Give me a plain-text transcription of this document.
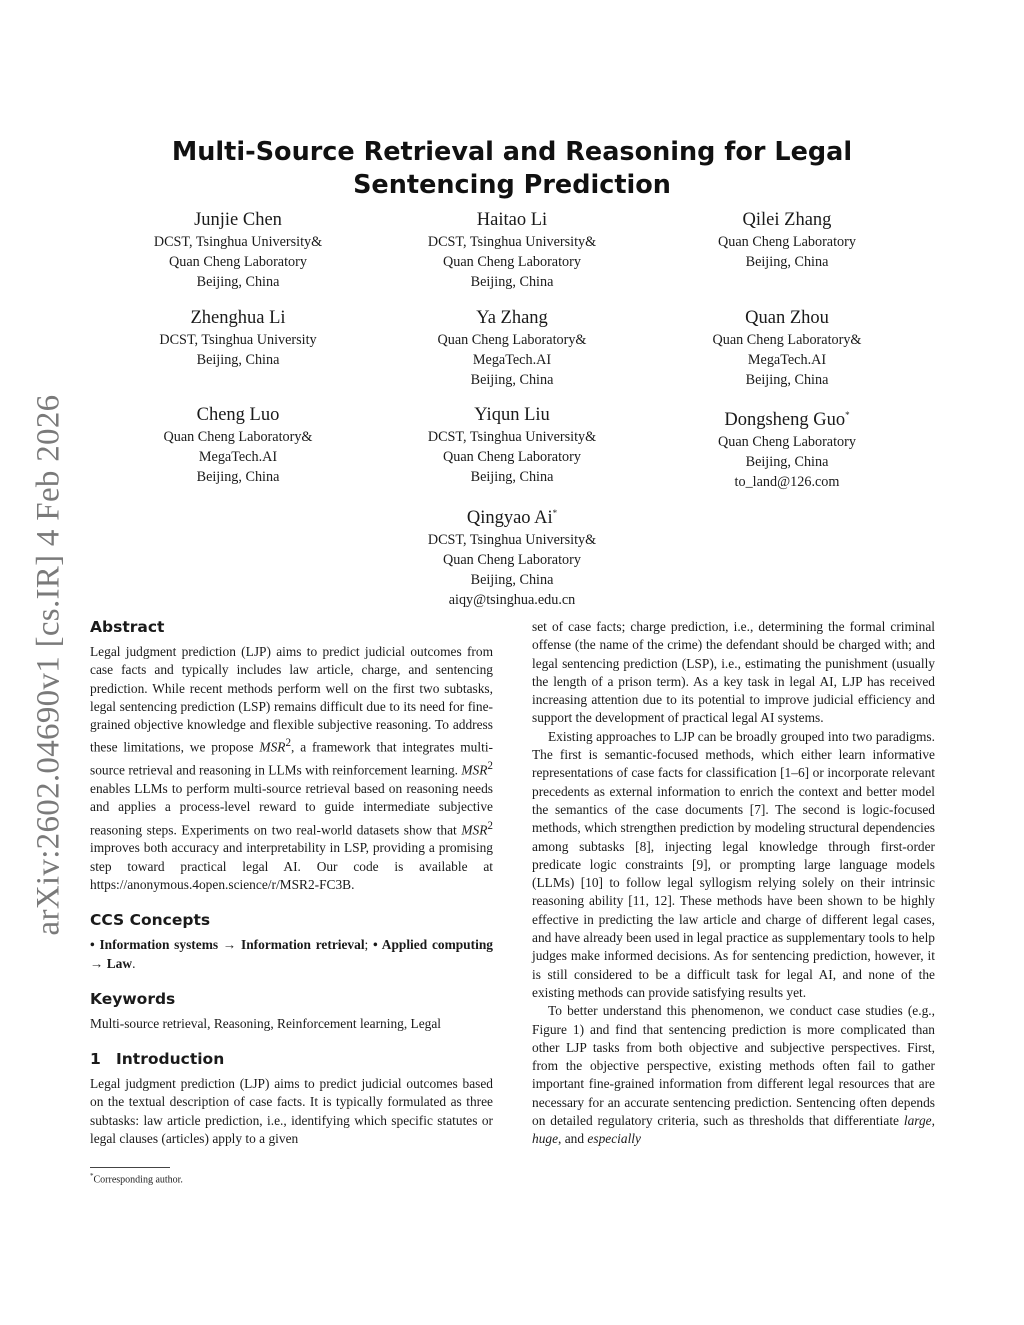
arXiv:2602.04690v1 [cs.IR] 4 Feb 2026
Multi-Source Retrieval and Reasoning for Legal Sentencing Prediction
Junjie Chen
DCST, Tsinghua University&
Quan Cheng Laboratory
Beijing, China
Haitao Li
DCST, Tsinghua University&
Quan Cheng Laboratory
Beijing, China
Qilei Zhang
Quan Cheng Laboratory
Beijing, China
Zhenghua Li
DCST, Tsinghua University
Beijing, China
Ya Zhang
Quan Cheng Laboratory&
MegaTech.AI
Beijing, China
Quan Zhou
Quan Cheng Laboratory&
MegaTech.AI
Beijing, China
Cheng Luo
Quan Cheng Laboratory&
MegaTech.AI
Beijing, China
Yiqun Liu
DCST, Tsinghua University&
Quan Cheng Laboratory
Beijing, China
Dongsheng Guo*
Quan Cheng Laboratory
Beijing, China
to_land@126.com
Qingyao Ai*
DCST, Tsinghua University&
Quan Cheng Laboratory
Beijing, China
aiqy@tsinghua.edu.cn
Abstract

Legal judgment prediction (LJP) aims to predict judicial outcomes from case facts and typically includes law article, charge, and sentencing prediction. While recent methods perform well on the first two subtasks, legal sentencing prediction (LSP) remains difficult due to its need for fine-grained objective knowledge and flexible subjective reasoning. To address these limitations, we propose MSR$^2$, a framework that integrates multi-source retrieval and reasoning in LLMs with reinforcement learning. MSR$^2$ enables LLMs to perform multi-source retrieval based on reasoning needs and applies a process-level reward to guide intermediate subjective reasoning steps. Experiments on two real-world datasets show that MSR$^2$ improves both accuracy and interpretability in LSP, providing a promising step toward practical legal AI. Our code is available at https://anonymous.4open.science/r/MSR2-FC3B.

CCS Concepts

• Information systems → Information retrieval; • Applied computing → Law.

Keywords

Multi-source retrieval, Reasoning, Reinforcement learning, Legal

1 Introduction

Legal judgment prediction (LJP) aims to predict judicial outcomes based on the textual description of case facts. It is typically formulated as three subtasks: law article prediction, i.e., identifying which specific statutes or legal clauses (articles) apply to a given

*Corresponding author.

set of case facts; charge prediction, i.e., determining the formal criminal offense (the name of the crime) the defendant should be charged with; and legal sentencing prediction (LSP), i.e., estimating the punishment (usually the length of a prison term). As a key task in legal AI, LJP has received increasing attention due to its potential to improve judicial efficiency and support the development of practical legal AI systems.

Existing approaches to LJP can be broadly grouped into two paradigms. The first is semantic-focused methods, which either learn informative representations of case facts for classification [1–6] or incorporate relevant precedents as external information to enrich the context and better model the semantics of the case documents [7]. The second is logic-focused methods, which strengthen prediction by modeling structural dependencies among subtasks [8], injecting legal knowledge through first-order predicate logic constraints [9], or prompting large language models (LLMs) [10] to follow legal syllogism relying solely on their intrinsic reasoning ability [11, 12]. These methods have been shown to be highly effective in predicting the law article and charge of different legal cases, and have already been used in legal practice as supplementary tools to help judges make informed decisions. As for sentencing prediction, however, it is still considered to be a difficult task for legal AI, and none of the existing methods can provide satisfying results yet.

To better understand this phenomenon, we conduct case studies (e.g., Figure 1) and find that sentencing prediction is more complicated than other LJP tasks from both objective and subjective perspectives. First, from the objective perspective, existing methods often fail to gather important fine-grained information from different legal resources that are necessary for an accurate sentencing prediction. Sentencing often depends on detailed regulatory criteria, such as thresholds that differentiate large, huge, and especially
